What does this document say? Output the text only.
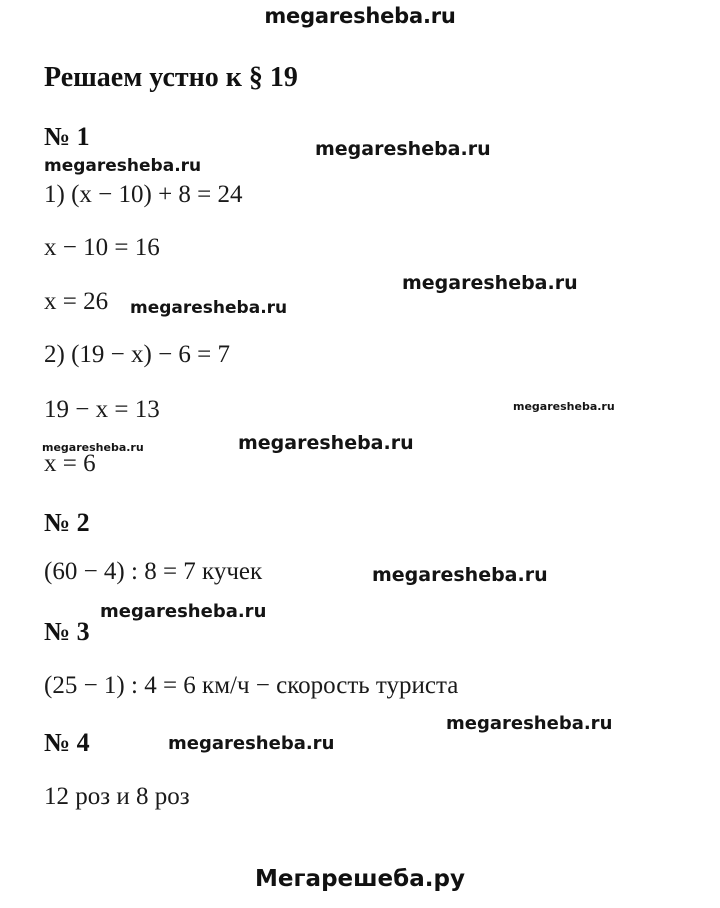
megaresheba.ru
Решаем устно к § 19
№ 1
1) (x − 10) + 8 = 24
x − 10 = 16
x = 26
2) (19 − x) − 6 = 7
19 − x = 13
x = 6
№ 2
(60 − 4) : 8 = 7 кучек
№ 3
(25 − 1) : 4 = 6 км/ч − скорость туриста
№ 4
12 роз и 8 роз
megaresheba.ru
megaresheba.ru
megaresheba.ru
megaresheba.ru
megaresheba.ru
megaresheba.ru
megaresheba.ru
megaresheba.ru
megaresheba.ru
megaresheba.ru
megaresheba.ru
Мегарешеба.ру
